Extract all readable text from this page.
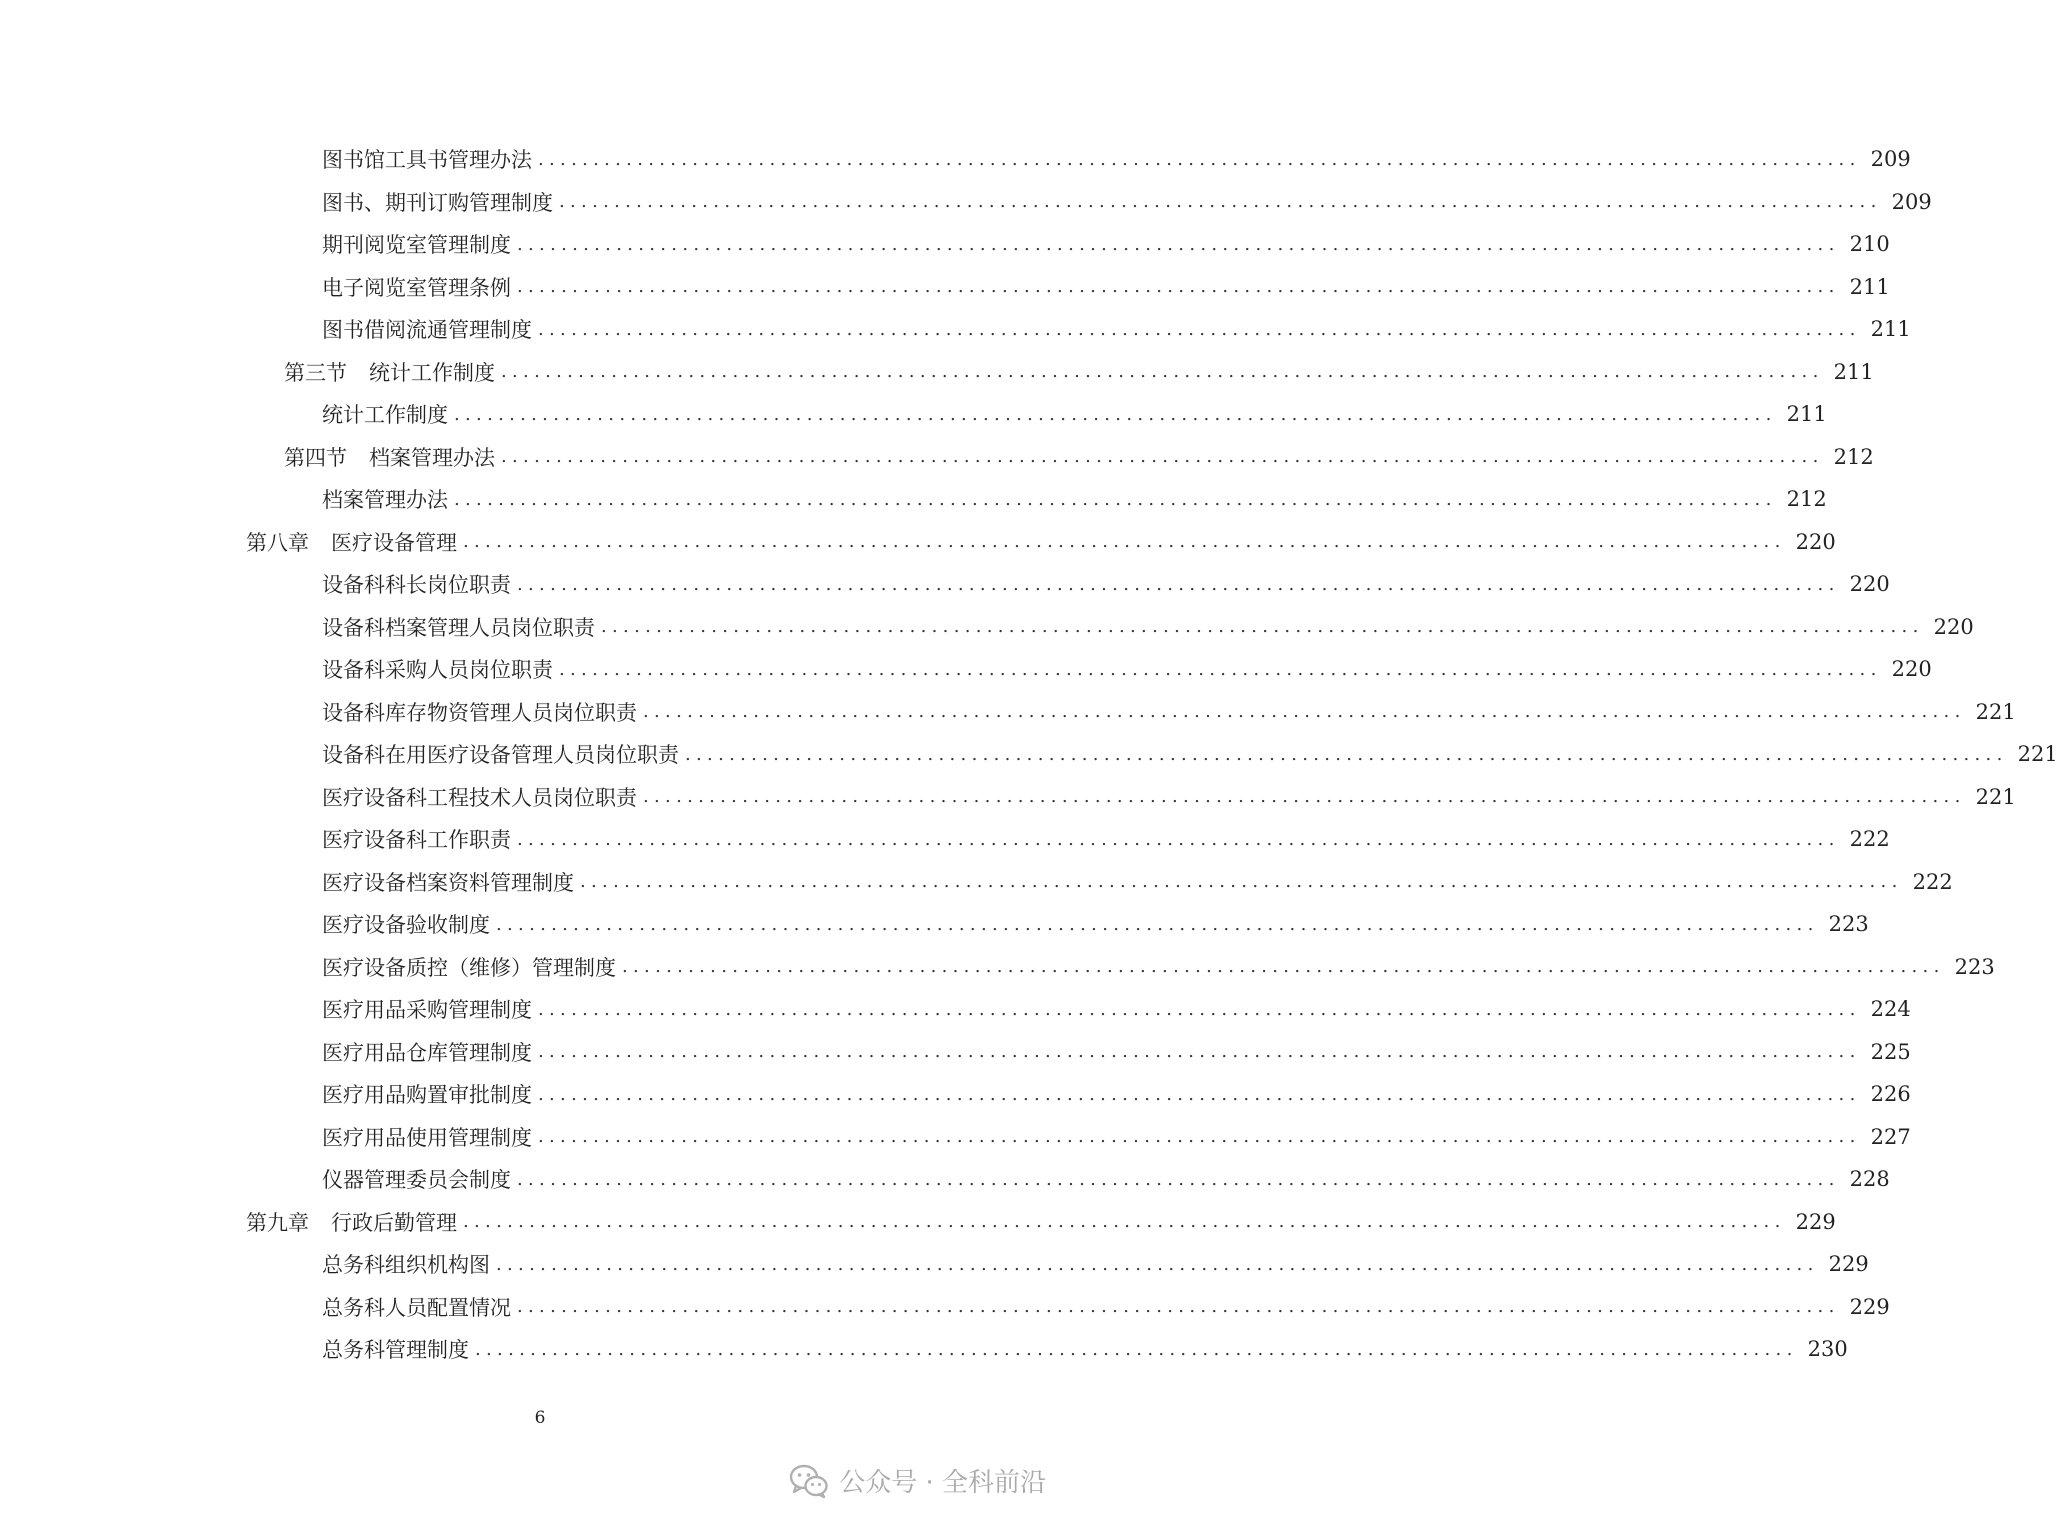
图书馆工具书管理办法 ........................................................................................................................ 209
图书、期刊订购管理制度 ........................................................................................................................ 209
期刊阅览室管理制度 ........................................................................................................................ 210
电子阅览室管理条例 ........................................................................................................................ 211
图书借阅流通管理制度 ........................................................................................................................ 211
第三节 统计工作制度 ........................................................................................................................ 211
统计工作制度 ........................................................................................................................ 211
第四节 档案管理办法 ........................................................................................................................ 212
档案管理办法 ........................................................................................................................ 212
第八章 医疗设备管理 ........................................................................................................................ 220
设备科科长岗位职责 ........................................................................................................................ 220
设备科档案管理人员岗位职责 ........................................................................................................................ 220
设备科采购人员岗位职责 ........................................................................................................................ 220
设备科库存物资管理人员岗位职责 ........................................................................................................................ 221
设备科在用医疗设备管理人员岗位职责 ........................................................................................................................ 221
医疗设备科工程技术人员岗位职责 ........................................................................................................................ 221
医疗设备科工作职责 ........................................................................................................................ 222
医疗设备档案资料管理制度 ........................................................................................................................ 222
医疗设备验收制度 ........................................................................................................................ 223
医疗设备质控（维修）管理制度 ........................................................................................................................ 223
医疗用品采购管理制度 ........................................................................................................................ 224
医疗用品仓库管理制度 ........................................................................................................................ 225
医疗用品购置审批制度 ........................................................................................................................ 226
医疗用品使用管理制度 ........................................................................................................................ 227
仪器管理委员会制度 ........................................................................................................................ 228
第九章 行政后勤管理 ........................................................................................................................ 229
总务科组织机构图 ........................................................................................................................ 229
总务科人员配置情况 ........................................................................................................................ 229
总务科管理制度 ........................................................................................................................ 230
6
公众号 · 全科前沿
